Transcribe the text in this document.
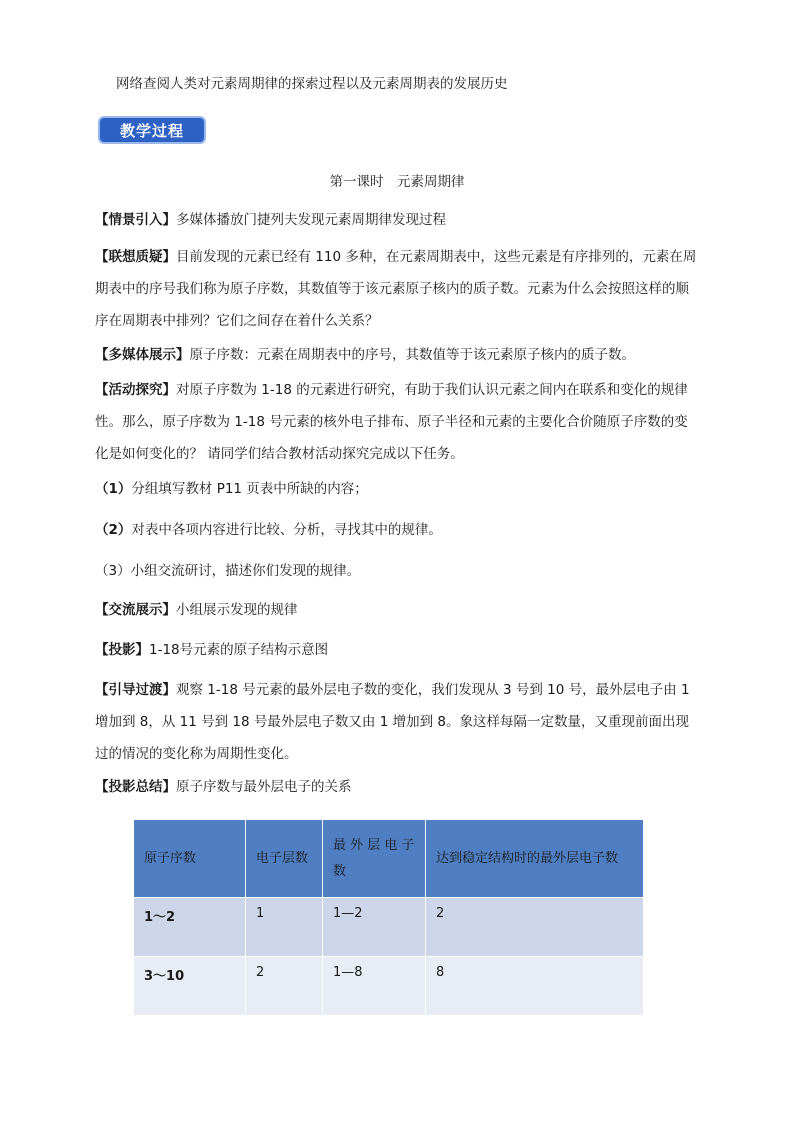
网络查阅人类对元素周期律的探索过程以及元素周期表的发展历史
教学过程
第一课时　元素周期律
【情景引入】多媒体播放门捷列夫发现元素周期律发现过程
【联想质疑】目前发现的元素已经有 110 多种，在元素周期表中，这些元素是有序排列的，元素在周期表中的序号我们称为原子序数，其数值等于该元素原子核内的质子数。元素为什么会按照这样的顺序在周期表中排列？它们之间存在着什么关系？
【多媒体展示】原子序数：元素在周期表中的序号，其数值等于该元素原子核内的质子数。
【活动探究】对原子序数为 1-18 的元素进行研究，有助于我们认识元素之间内在联系和变化的规律性。那么，原子序数为 1-18 号元素的核外电子排布、原子半径和元素的主要化合价随原子序数的变化是如何变化的？ 请同学们结合教材活动探究完成以下任务。
（1）分组填写教材 P11 页表中所缺的内容；
（2）对表中各项内容进行比较、分析，寻找其中的规律。
（3）小组交流研讨，描述你们发现的规律。
【交流展示】小组展示发现的规律
【投影】1-18号元素的原子结构示意图
【引导过渡】观察 1-18 号元素的最外层电子数的变化，我们发现从 3 号到 10 号，最外层电子由 1 增加到 8，从 11 号到 18 号最外层电子数又由 1 增加到 8。象这样每隔一定数量，又重现前面出现过的情况的变化称为周期性变化。
【投影总结】原子序数与最外层电子的关系
原子序数	电子层数	最 外 层 电 子数	达到稳定结构时的最外层电子数
1～2	1	1—2	2
3～10	2	1—8	8
